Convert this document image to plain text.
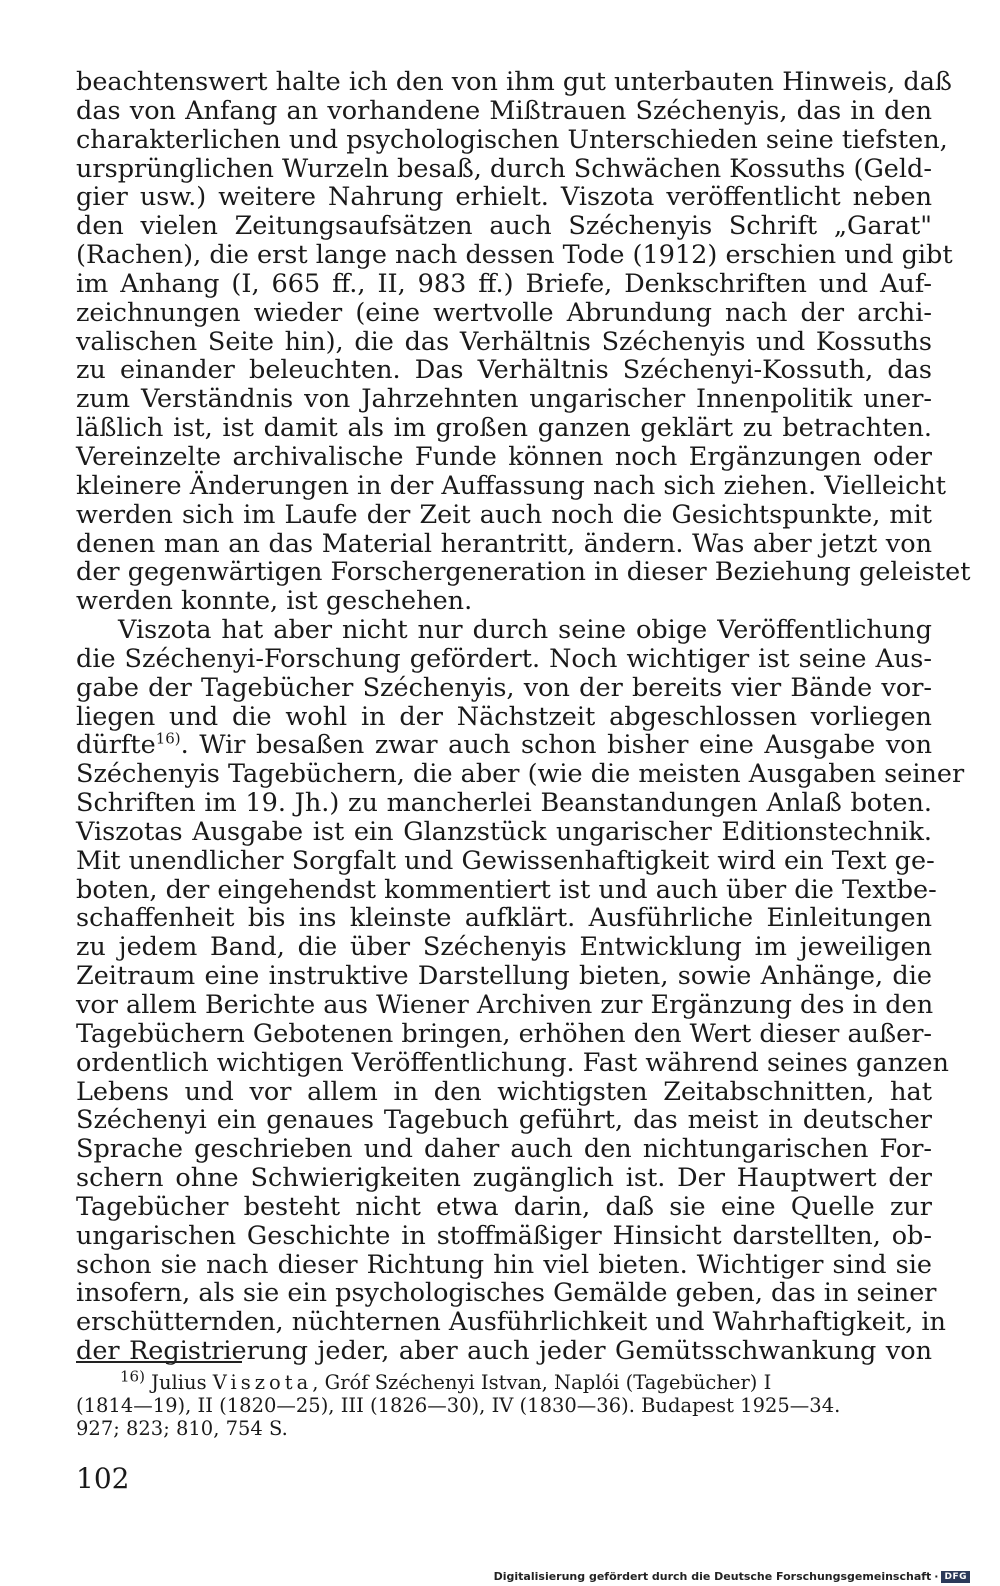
beachtenswert halte ich den von ihm gut unterbauten Hinweis, daß
das von Anfang an vorhandene Mißtrauen Széchenyis, das in den
charakterlichen und psychologischen Unterschieden seine tiefsten,
ursprünglichen Wurzeln besaß, durch Schwächen Kossuths (Geld-
gier usw.) weitere Nahrung erhielt. Viszota veröffentlicht neben
den vielen Zeitungsaufsätzen auch Széchenyis Schrift „Garat"
(Rachen), die erst lange nach dessen Tode (1912) erschien und gibt
im Anhang (I, 665 ff., II, 983 ff.) Briefe, Denkschriften und Auf-
zeichnungen wieder (eine wertvolle Abrundung nach der archi-
valischen Seite hin), die das Verhältnis Széchenyis und Kossuths
zu einander beleuchten. Das Verhältnis Széchenyi-Kossuth, das
zum Verständnis von Jahrzehnten ungarischer Innenpolitik uner-
läßlich ist, ist damit als im großen ganzen geklärt zu betrachten.
Vereinzelte archivalische Funde können noch Ergänzungen oder
kleinere Änderungen in der Auffassung nach sich ziehen. Vielleicht
werden sich im Laufe der Zeit auch noch die Gesichtspunkte, mit
denen man an das Material herantritt, ändern. Was aber jetzt von
der gegenwärtigen Forschergeneration in dieser Beziehung geleistet
werden konnte, ist geschehen.
Viszota hat aber nicht nur durch seine obige Veröffentlichung
die Széchenyi-Forschung gefördert. Noch wichtiger ist seine Aus-
gabe der Tagebücher Széchenyis, von der bereits vier Bände vor-
liegen und die wohl in der Nächstzeit abgeschlossen vorliegen
dürfte$^{16)}$. Wir besaßen zwar auch schon bisher eine Ausgabe von
Széchenyis Tagebüchern, die aber (wie die meisten Ausgaben seiner
Schriften im 19. Jh.) zu mancherlei Beanstandungen Anlaß boten.
Viszotas Ausgabe ist ein Glanzstück ungarischer Editionstechnik.
Mit unendlicher Sorgfalt und Gewissenhaftigkeit wird ein Text ge-
boten, der eingehendst kommentiert ist und auch über die Textbe-
schaffenheit bis ins kleinste aufklärt. Ausführliche Einleitungen
zu jedem Band, die über Széchenyis Entwicklung im jeweiligen
Zeitraum eine instruktive Darstellung bieten, sowie Anhänge, die
vor allem Berichte aus Wiener Archiven zur Ergänzung des in den
Tagebüchern Gebotenen bringen, erhöhen den Wert dieser außer-
ordentlich wichtigen Veröffentlichung. Fast während seines ganzen
Lebens und vor allem in den wichtigsten Zeitabschnitten, hat
Széchenyi ein genaues Tagebuch geführt, das meist in deutscher
Sprache geschrieben und daher auch den nichtungarischen For-
schern ohne Schwierigkeiten zugänglich ist. Der Hauptwert der
Tagebücher besteht nicht etwa darin, daß sie eine Quelle zur
ungarischen Geschichte in stoffmäßiger Hinsicht darstellten, ob-
schon sie nach dieser Richtung hin viel bieten. Wichtiger sind sie
insofern, als sie ein psychologisches Gemälde geben, das in seiner
erschütternden, nüchternen Ausführlichkeit und Wahrhaftigkeit, in
der Registrierung jeder, aber auch jeder Gemütsschwankung von
$^{16)}$ Julius Viszota, Gróf Széchenyi Istvan, Naplói (Tagebücher) I
(1814—19), II (1820—25), III (1826—30), IV (1830—36). Budapest 1925—34.
927; 823; 810, 754 S.
102
Digitalisierung gefördert durch die Deutsche Forschungsgemeinschaft · DFG
